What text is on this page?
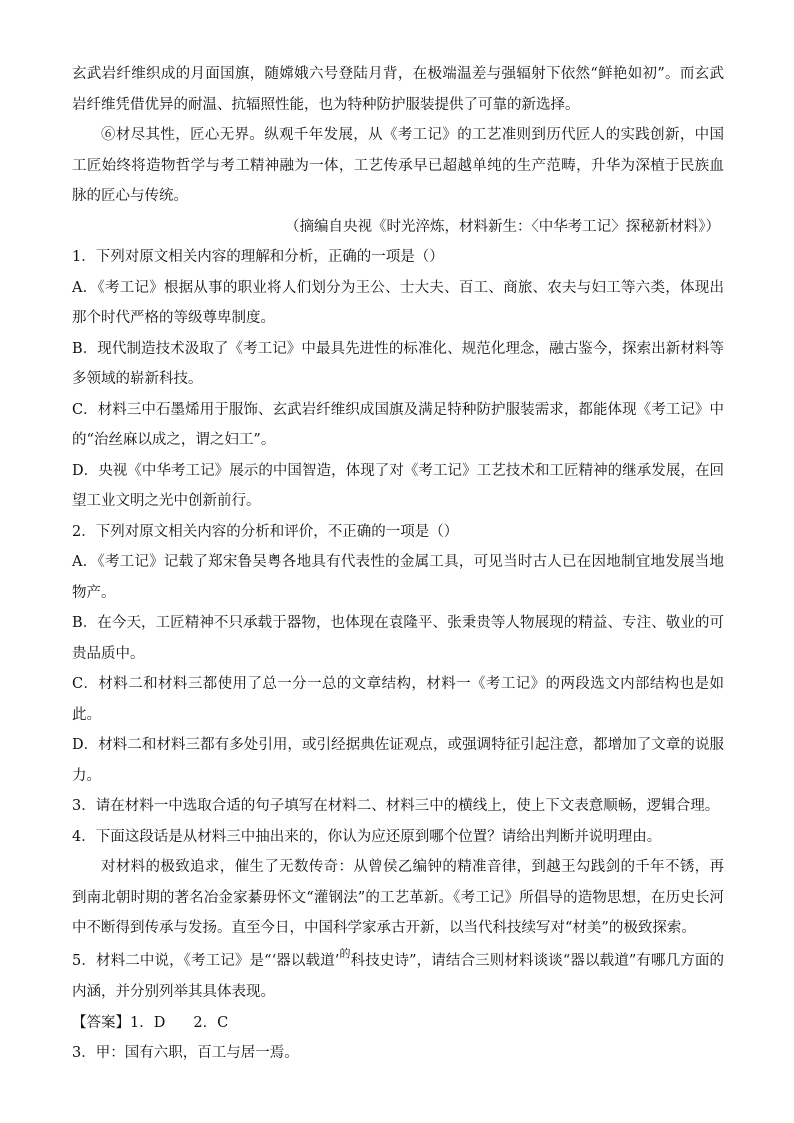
玄武岩纤维织成的月面国旗，随嫦娥六号登陆月背，在极端温差与强辐射下依然“鲜艳如初”。而玄武岩纤维凭借优异的耐温、抗辐照性能，也为特种防护服装提供了可靠的新选择。

⑥材尽其性，匠心无界。纵观千年发展，从《考工记》的工艺准则到历代匠人的实践创新，中国工匠始终将造物哲学与考工精神融为一体，工艺传承早已超越单纯的生产范畴，升华为深植于民族血脉的匠心与传统。

（摘编自央视《时光淬炼，材料新生：〈中华考工记〉探秘新材料》）

1．下列对原文相关内容的理解和分析，正确的一项是（）

A．《考工记》根据从事的职业将人们划分为王公、士大夫、百工、商旅、农夫与妇工等六类，体现出那个时代严格的等级尊卑制度。

B．现代制造技术汲取了《考工记》中最具先进性的标准化、规范化理念，融古鉴今，探索出新材料等多领域的崭新科技。

C．材料三中石墨烯用于服饰、玄武岩纤维织成国旗及满足特种防护服装需求，都能体现《考工记》中的“治丝麻以成之，谓之妇工”。

D．央视《中华考工记》展示的中国智造，体现了对《考工记》工艺技术和工匠精神的继承发展，在回望工业文明之光中创新前行。

2．下列对原文相关内容的分析和评价，不正确的一项是（）

A．《考工记》记载了郑宋鲁吴粤各地具有代表性的金属工具，可见当时古人已在因地制宜地发展当地物产。

B．在今天，工匠精神不只承载于器物，也体现在袁隆平、张秉贵等人物展现的精益、专注、敬业的可贵品质中。

C．材料二和材料三都使用了总一分一总的文章结构，材料一《考工记》的两段选文内部结构也是如此。

D．材料二和材料三都有多处引用，或引经据典佐证观点，或强调特征引起注意，都增加了文章的说服力。

3．请在材料一中选取合适的句子填写在材料二、材料三中的横线上，使上下文表意顺畅，逻辑合理。

4．下面这段话是从材料三中抽出来的，你认为应还原到哪个位置？请给出判断并说明理由。

对材料的极致追求，催生了无数传奇：从曾侯乙编钟的精准音律，到越王勾践剑的千年不锈，再到南北朝时期的著名冶金家綦毋怀文“灌钢法”的工艺革新。《考工记》所倡导的造物思想，在历史长河中不断得到传承与发扬。直至今日，中国科学家承古开新，以当代科技续写对“材美”的极致探索。

5．材料二中说，《考工记》是“‘器以载道’$^的$科技史诗”，请结合三则材料谈谈“器以载道”有哪几方面的内涵，并分别列举其具体表现。

【答案】1．D 2．C

3．甲：国有六职，百工与居一焉。
